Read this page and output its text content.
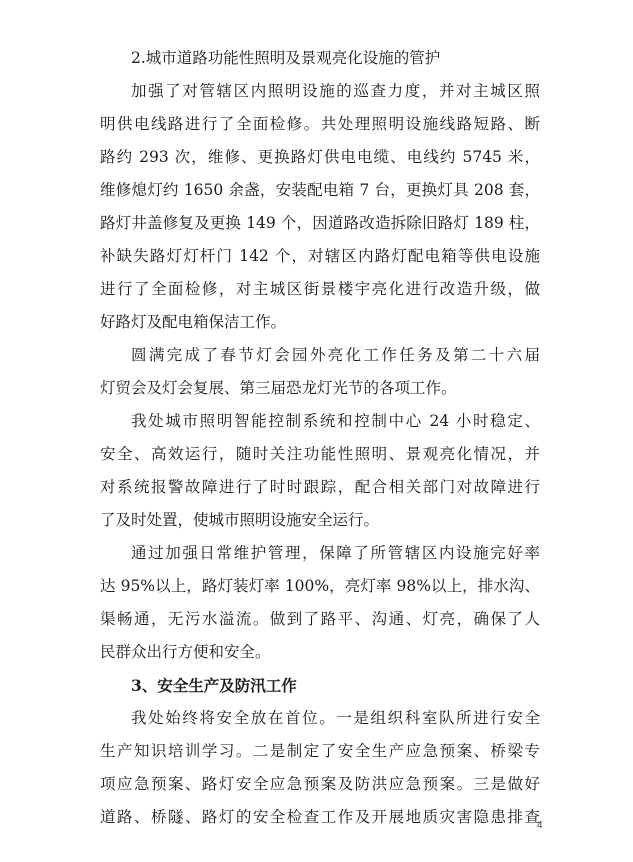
2.城市道路功能性照明及景观亮化设施的管护
加强了对管辖区内照明设施的巡查力度，并对主城区照
明供电线路进行了全面检修。共处理照明设施线路短路、断
路约 293 次，维修、更换路灯供电电缆、电线约 5745 米，
维修熄灯约 1650 余盏，安装配电箱 7 台，更换灯具 208 套，
路灯井盖修复及更换 149 个，因道路改造拆除旧路灯 189 柱，
补缺失路灯灯杆门 142 个，对辖区内路灯配电箱等供电设施
进行了全面检修，对主城区街景楼宇亮化进行改造升级，做
好路灯及配电箱保洁工作。
圆满完成了春节灯会园外亮化工作任务及第二十六届
灯贸会及灯会复展、第三届恐龙灯光节的各项工作。
我处城市照明智能控制系统和控制中心 24 小时稳定、
安全、高效运行，随时关注功能性照明、景观亮化情况，并
对系统报警故障进行了时时跟踪，配合相关部门对故障进行
了及时处置，使城市照明设施安全运行。
通过加强日常维护管理，保障了所管辖区内设施完好率
达 95%以上，路灯装灯率 100%，亮灯率 98%以上，排水沟、
渠畅通，无污水溢流。做到了路平、沟通、灯亮，确保了人
民群众出行方便和安全。
3、安全生产及防汛工作
我处始终将安全放在首位。一是组织科室队所进行安全
生产知识培训学习。二是制定了安全生产应急预案、桥梁专
项应急预案、路灯安全应急预案及防洪应急预案。三是做好
道路、桥隧、路灯的安全检查工作及开展地质灾害隐患排查
4
